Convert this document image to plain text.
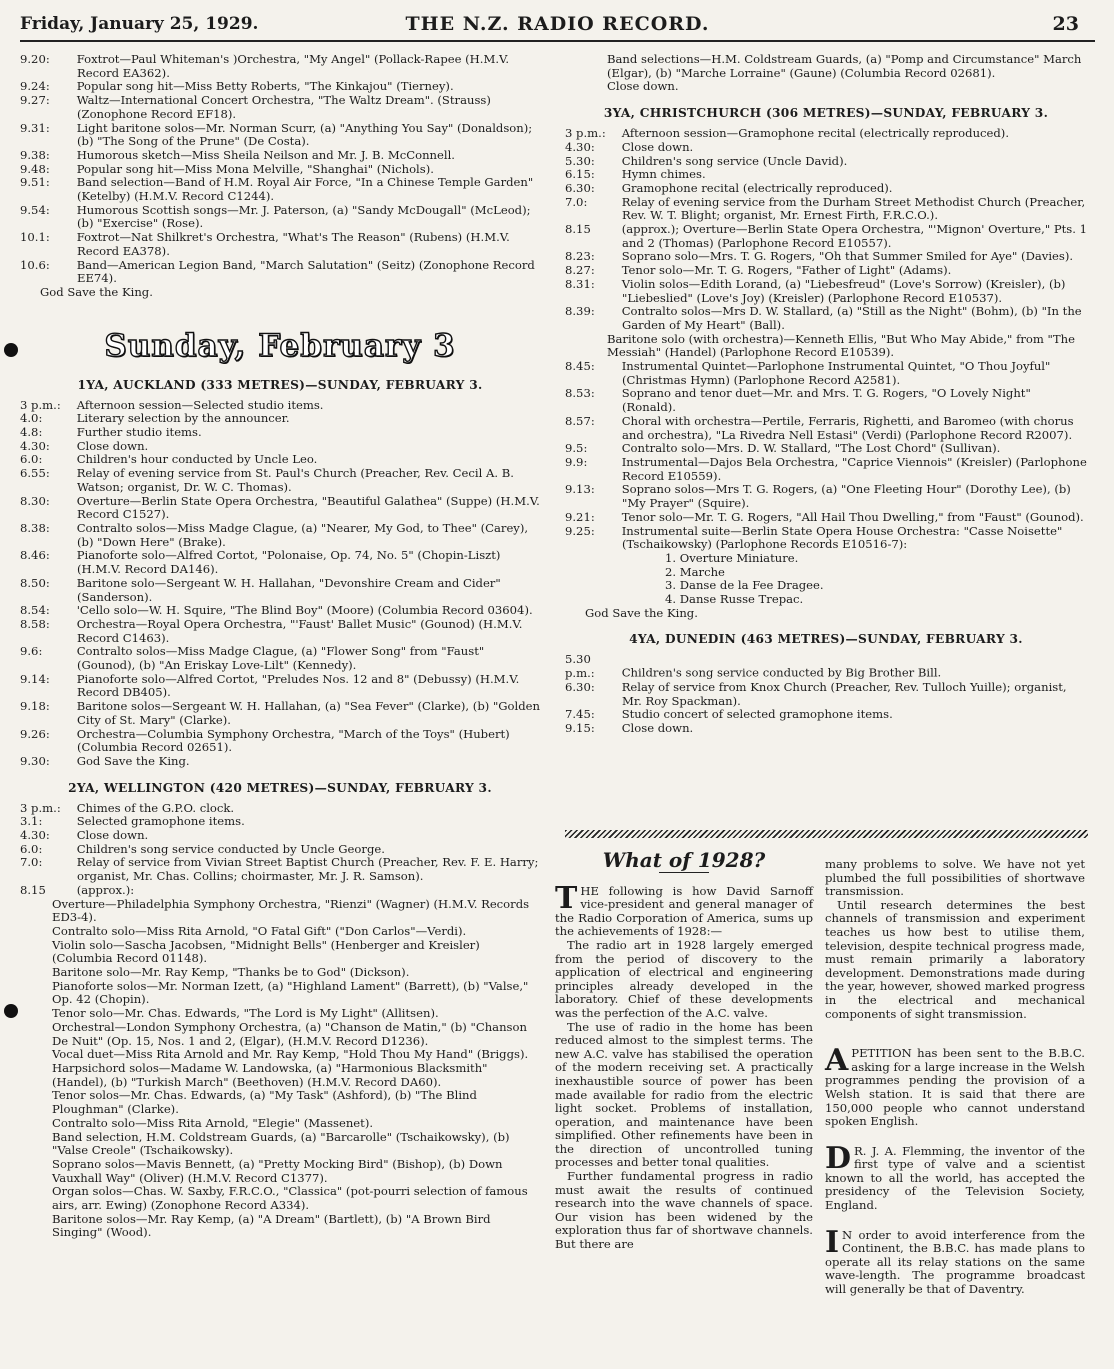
Friday, January 25, 1929.	THE N.Z. RADIO RECORD.	23

9.20: Foxtrot—Paul Whiteman's )Orchestra, "My Angel" (Pollack-Rapee (H.M.V. Record EA362).

9.24: Popular song hit—Miss Betty Roberts, "The Kinkajou" (Tierney).

9.27: Waltz—International Concert Orchestra, "The Waltz Dream". (Strauss) (Zonophone Record EF18).

9.31: Light baritone solos—Mr. Norman Scurr, (a) "Anything You Say" (Donaldson); (b) "The Song of the Prune" (De Costa).

9.38: Humorous sketch—Miss Sheila Neilson and Mr. J. B. McConnell.

9.48: Popular song hit—Miss Mona Melville, "Shanghai" (Nichols).

9.51: Band selection—Band of H.M. Royal Air Force, "In a Chinese Temple Garden" (Ketelby) (H.M.V. Record C1244).

9.54: Humorous Scottish songs—Mr. J. Paterson, (a) "Sandy McDougall" (McLeod); (b) "Exercise" (Rose).

10.1: Foxtrot—Nat Shilkret's Orchestra, "What's The Reason" (Rubens) (H.M.V. Record EA378).

10.6: Band—American Legion Band, "March Salutation" (Seitz) (Zonophone Record EE74).

God Save the King.

Sunday, February 3
1YA, AUCKLAND (333 METRES)—SUNDAY, FEBRUARY 3.

3 p.m.: Afternoon session—Selected studio items.

4.0:	Literary selection by the announcer.

4.8:	Further studio items.

4.30: Close down.

6.0:	Children's hour conducted by Uncle Leo.

6.55: Relay of evening service from St. Paul's Church (Preacher, Rev. Cecil A. B. Watson; organist, Dr. W. C. Thomas).

8.30: Overture—Berlin State Opera Orchestra, "Beautiful Galathea" (Suppe) (H.M.V. Record C1527).

8.38: Contralto solos—Miss Madge Clague, (a) "Nearer, My God, to Thee" (Carey), (b) "Down Here" (Brake).

8.46: Pianoforte solo—Alfred Cortot, "Polonaise, Op. 74, No. 5" (Chopin-Liszt) (H.M.V. Record DA146).

8.50: Baritone solo—Sergeant W. H. Hallahan, "Devonshire Cream and Cider" (Sanderson).

8.54: 'Cello solo—W. H. Squire, "The Blind Boy" (Moore) (Columbia Record 03604).

8.58: Orchestra—Royal Opera Orchestra, "'Faust' Ballet Music" (Gounod) (H.M.V. Record C1463).

9.6:	Contralto solos—Miss Madge Clague, (a) "Flower Song" from "Faust" (Gounod), (b) "An Eriskay Love-Lilt" (Kennedy).

9.14: Pianoforte solo—Alfred Cortot, "Preludes Nos. 12 and 8" (Debussy) (H.M.V. Record DB405).

9.18: Baritone solos—Sergeant W. H. Hallahan, (a) "Sea Fever" (Clarke), (b) "Golden City of St. Mary" (Clarke).

9.26: Orchestra—Columbia Symphony Orchestra, "March of the Toys" (Hubert) (Columbia Record 02651).

9.30: God Save the King.

2YA, WELLINGTON (420 METRES)—SUNDAY, FEBRUARY 3.

3 p.m.: Chimes of the G.P.O. clock.

3.1:	Selected gramophone items.

4.30: Close down.

6.0:	Children's song service conducted by Uncle George.

7.0:	Relay of service from Vivian Street Baptist Church (Preacher, Rev. F. E. Harry; organist, Mr. Chas. Collins; choirmaster, Mr. J. R. Samson).

8.15	(approx.):

Overture—Philadelphia Symphony Orchestra, "Rienzi" (Wagner) (H.M.V. Records ED3-4).

Contralto solo—Miss Rita Arnold, "O Fatal Gift" ("Don Carlos"—Verdi).

Violin solo—Sascha Jacobsen, "Midnight Bells" (Henberger and Kreisler) (Columbia Record 01148).

Baritone solo—Mr. Ray Kemp, "Thanks be to God" (Dickson).

Pianoforte solos—Mr. Norman Izett, (a) "Highland Lament" (Barrett), (b) "Valse," Op. 42 (Chopin).

Tenor solo—Mr. Chas. Edwards, "The Lord is My Light" (Allitsen).

Orchestral—London Symphony Orchestra, (a) "Chanson de Matin," (b) "Chanson De Nuit" (Op. 15, Nos. 1 and 2, (Elgar), (H.M.V. Record D1236).

Vocal duet—Miss Rita Arnold and Mr. Ray Kemp, "Hold Thou My Hand" (Briggs).

Harpsichord solos—Madame W. Landowska, (a) "Harmonious Blacksmith" (Handel), (b) "Turkish March" (Beethoven) (H.M.V. Record DA60).

Tenor solos—Mr. Chas. Edwards, (a) "My Task" (Ashford), (b) "The Blind Ploughman" (Clarke).

Contralto solo—Miss Rita Arnold, "Elegie" (Massenet).

Band selection, H.M. Coldstream Guards, (a) "Barcarolle" (Tschaikowsky), (b) "Valse Creole" (Tschaikowsky).

Soprano solos—Mavis Bennett, (a) "Pretty Mocking Bird" (Bishop), (b) Down Vauxhall Way" (Oliver) (H.M.V. Record C1377).

Organ solos—Chas. W. Saxby, F.R.C.O., "Classica" (pot-pourri selection of famous airs, arr. Ewing) (Zonophone Record A334).

Baritone solos—Mr. Ray Kemp, (a) "A Dream" (Bartlett), (b) "A Brown Bird Singing" (Wood).

Band selections—H.M. Coldstream Guards, (a) "Pomp and Circumstance" March (Elgar), (b) "Marche Lorraine" (Gaune) (Columbia Record 02681).

Close down.

3YA, CHRISTCHURCH (306 METRES)—SUNDAY, FEBRUARY 3.

3 p.m.: Afternoon session—Gramophone recital (electrically reproduced).

4.30: Close down.

5.30: Children's song service (Uncle David).

6.15: Hymn chimes.

6.30: Gramophone recital (electrically reproduced).

7.0:	Relay of evening service from the Durham Street Methodist Church (Preacher, Rev. W. T. Blight; organist, Mr. Ernest Firth, F.R.C.O.).

8.15	(approx.); Overture—Berlin State Opera Orchestra, "'Mignon' Overture," Pts. 1 and 2 (Thomas) (Parlophone Record E10557).

8.23: Soprano solo—Mrs. T. G. Rogers, "Oh that Summer Smiled for Aye" (Davies).

8.27: Tenor solo—Mr. T. G. Rogers, "Father of Light" (Adams).

8.31: Violin solos—Edith Lorand, (a) "Liebesfreud" (Love's Sorrow) (Kreisler), (b) "Liebeslied" (Love's Joy) (Kreisler) (Parlophone Record E10537).

8.39: Contralto solos—Mrs D. W. Stallard, (a) "Still as the Night" (Bohm), (b) "In the Garden of My Heart" (Ball).

Baritone solo (with orchestra)—Kenneth Ellis, "But Who May Abide," from "The Messiah" (Handel) (Parlophone Record E10539).

8.45: Instrumental Quintet—Parlophone Instrumental Quintet, "O Thou Joyful" (Christmas Hymn) (Parlophone Record A2581).

8.53: Soprano and tenor duet—Mr. and Mrs. T. G. Rogers, "O Lovely Night" (Ronald).

8.57: Choral with orchestra—Pertile, Ferraris, Righetti, and Baromeo (with chorus and orchestra), "La Rivedra Nell Estasi" (Verdi) (Parlophone Record R2007).

9.5:	Contralto solo—Mrs. D. W. Stallard, "The Lost Chord" (Sullivan).

9.9:	Instrumental—Dajos Bela Orchestra, "Caprice Viennois" (Kreisler) (Parlophone Record E10559).

9.13: Soprano solos—Mrs T. G. Rogers, (a) "One Fleeting Hour" (Dorothy Lee), (b) "My Prayer" (Squire).

9.21: Tenor solo—Mr. T. G. Rogers, "All Hail Thou Dwelling," from "Faust" (Gounod).

9.25: Instrumental suite—Berlin State Opera House Orchestra: "Casse Noisette" (Tschaikowsky) (Parlophone Records E10516-7):

1. Overture Miniature.

2. Marche

3. Danse de la Fee Dragee.

4. Danse Russe Trepac.

God Save the King.

4YA, DUNEDIN (463 METRES)—SUNDAY, FEBRUARY 3.

5.30 p.m.: Children's song service conducted by Big Brother Bill.

6.30: Relay of service from Knox Church (Preacher, Rev. Tulloch Yuille); organist, Mr. Roy Spackman).

7.45: Studio concert of selected gramophone items.

9.15: Close down.

What of 1928?

THE following is how David Sarnoff vice-president and general manager of the Radio Corporation of America, sums up the achievements of 1928:—

The radio art in 1928 largely emerged from the period of discovery to the application of electrical and engineering principles already developed in the laboratory. Chief of these developments was the perfection of the A.C. valve.

The use of radio in the home has been reduced almost to the simplest terms. The new A.C. valve has stabilised the operation of the modern receiving set. A practically inexhaustible source of power has been made available for radio from the electric light socket. Problems of installation, operation, and maintenance have been simplified. Other refinements have been in the direction of uncontrolled tuning processes and better tonal qualities.

Further fundamental progress in radio must await the results of continued research into the wave channels of space. Our vision has been widened by the exploration thus far of shortwave channels. But there are

many problems to solve. We have not yet plumbed the full possibilities of shortwave transmission.

Until research determines the best channels of transmission and experiment teaches us how best to utilise them, television, despite technical progress made, must remain primarily a laboratory development. Demonstrations made during the year, however, showed marked progress in the electrical and mechanical components of sight transmission.

APETITION has been sent to the B.B.C. asking for a large increase in the Welsh programmes pending the provision of a Welsh station. It is said that there are 150,000 people who cannot understand spoken English.

D R. J. A. Flemming, the inventor of the first type of valve and a scientist known to all the world, has accepted the presidency of the Television Society, England.

I N order to avoid interference from the Continent, the B.B.C. has made plans to operate all its relay stations on the same wave-length. The programme broadcast will generally be that of Daventry.
